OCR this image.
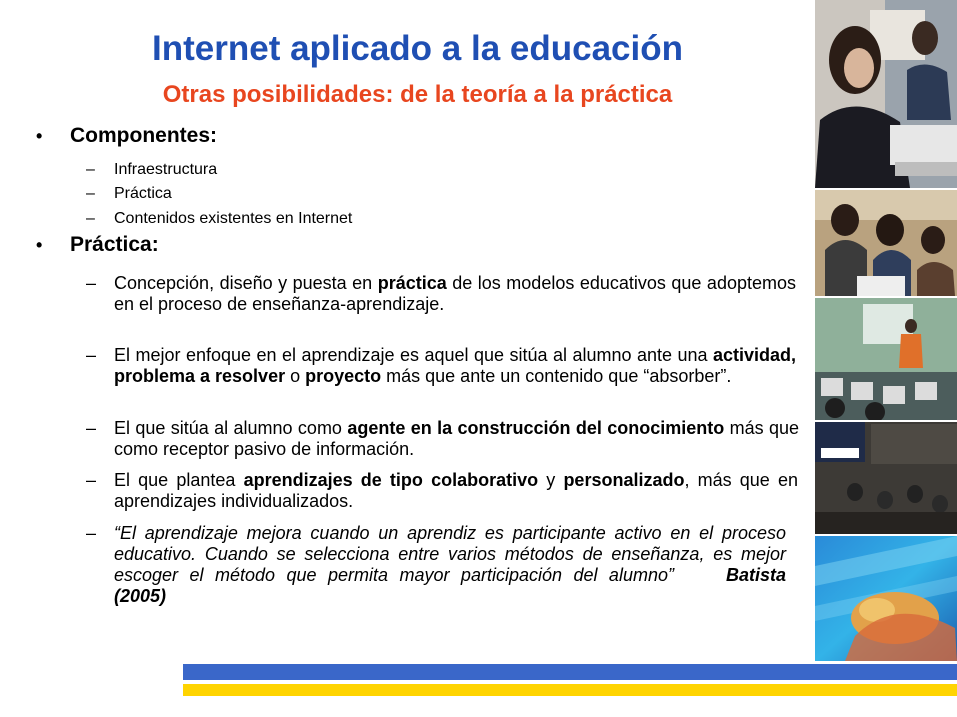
Internet aplicado a la educación
Otras posibilidades: de la teoría a la práctica
• Componentes:
– Infraestructura
– Práctica
– Contenidos existentes en Internet
• Práctica:
– Concepción, diseño y puesta en práctica de los modelos educativos que adoptemos en el proceso de enseñanza-aprendizaje.
– El mejor enfoque en el aprendizaje es aquel que sitúa al alumno ante una actividad, problema a resolver o proyecto más que ante un contenido que “absorber”.
– El que sitúa al alumno como agente en la construcción del conocimiento más que como receptor pasivo de información.
– El que plantea aprendizajes de tipo colaborativo y personalizado, más que en aprendizajes individualizados.
– “El aprendizaje mejora cuando un aprendiz es participante activo en el proceso educativo. Cuando se selecciona entre varios métodos de enseñanza, es mejor escoger el método que permita mayor participación del alumno”	Batista (2005)
